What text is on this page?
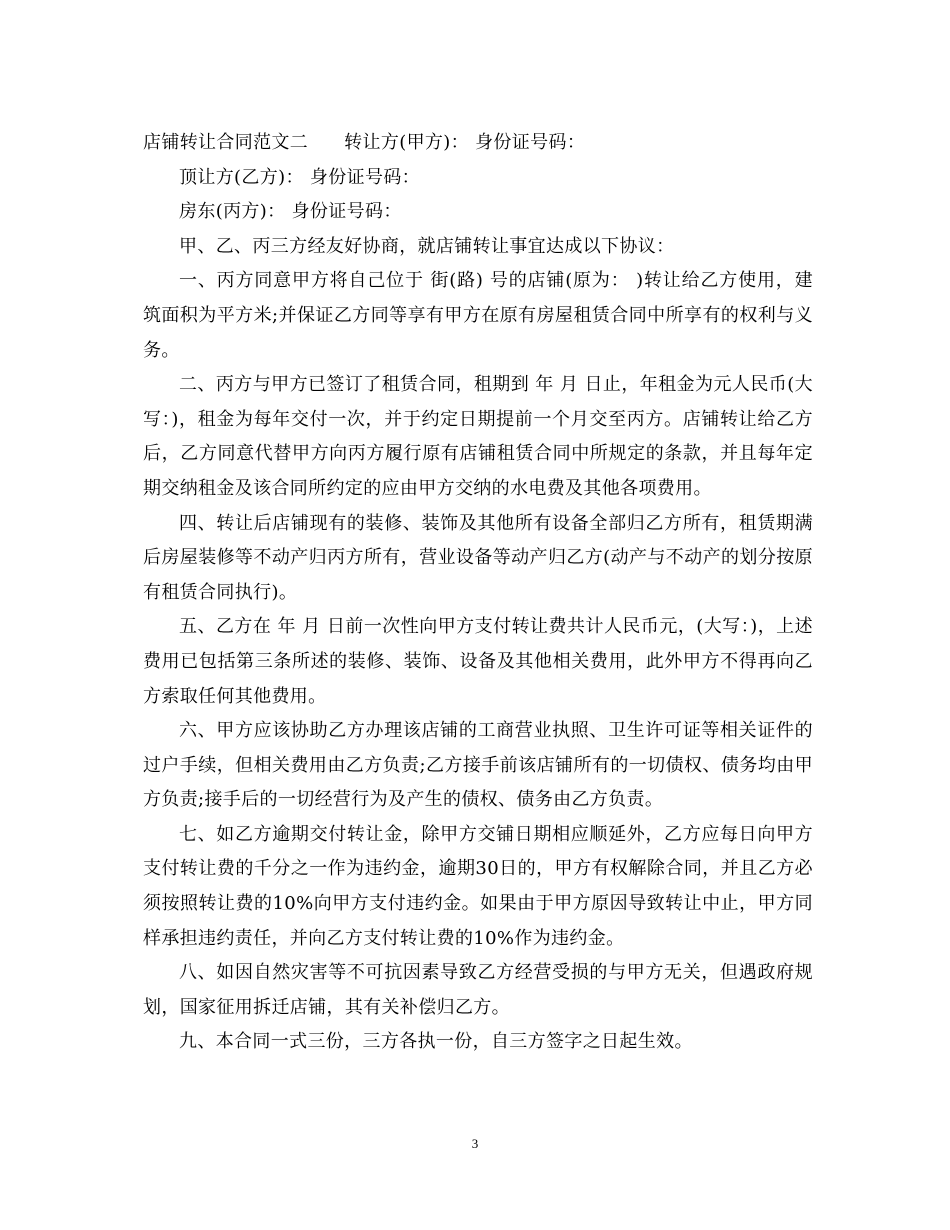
店铺转让合同范文二 转让方(甲方)： 身份证号码：

顶让方(乙方)： 身份证号码：

房东(丙方)： 身份证号码：

甲、乙、丙三方经友好协商，就店铺转让事宜达成以下协议：

一、丙方同意甲方将自己位于 街(路) 号的店铺(原为： )转让给乙方使用，建筑面积为平方米;并保证乙方同等享有甲方在原有房屋租赁合同中所享有的权利与义务。

二、丙方与甲方已签订了租赁合同，租期到 年 月 日止，年租金为元人民币(大写：)，租金为每年交付一次，并于约定日期提前一个月交至丙方。店铺转让给乙方后，乙方同意代替甲方向丙方履行原有店铺租赁合同中所规定的条款，并且每年定期交纳租金及该合同所约定的应由甲方交纳的水电费及其他各项费用。

四、转让后店铺现有的装修、装饰及其他所有设备全部归乙方所有，租赁期满后房屋装修等不动产归丙方所有，营业设备等动产归乙方(动产与不动产的划分按原有租赁合同执行)。

五、乙方在 年 月 日前一次性向甲方支付转让费共计人民币元，(大写：)，上述费用已包括第三条所述的装修、装饰、设备及其他相关费用，此外甲方不得再向乙方索取任何其他费用。

六、甲方应该协助乙方办理该店铺的工商营业执照、卫生许可证等相关证件的过户手续，但相关费用由乙方负责;乙方接手前该店铺所有的一切债权、债务均由甲方负责;接手后的一切经营行为及产生的债权、债务由乙方负责。

七、如乙方逾期交付转让金，除甲方交铺日期相应顺延外，乙方应每日向甲方支付转让费的千分之一作为违约金，逾期30日的，甲方有权解除合同，并且乙方必须按照转让费的10%向甲方支付违约金。如果由于甲方原因导致转让中止，甲方同样承担违约责任，并向乙方支付转让费的10%作为违约金。

八、如因自然灾害等不可抗因素导致乙方经营受损的与甲方无关，但遇政府规划，国家征用拆迁店铺，其有关补偿归乙方。

九、本合同一式三份，三方各执一份，自三方签字之日起生效。

3
